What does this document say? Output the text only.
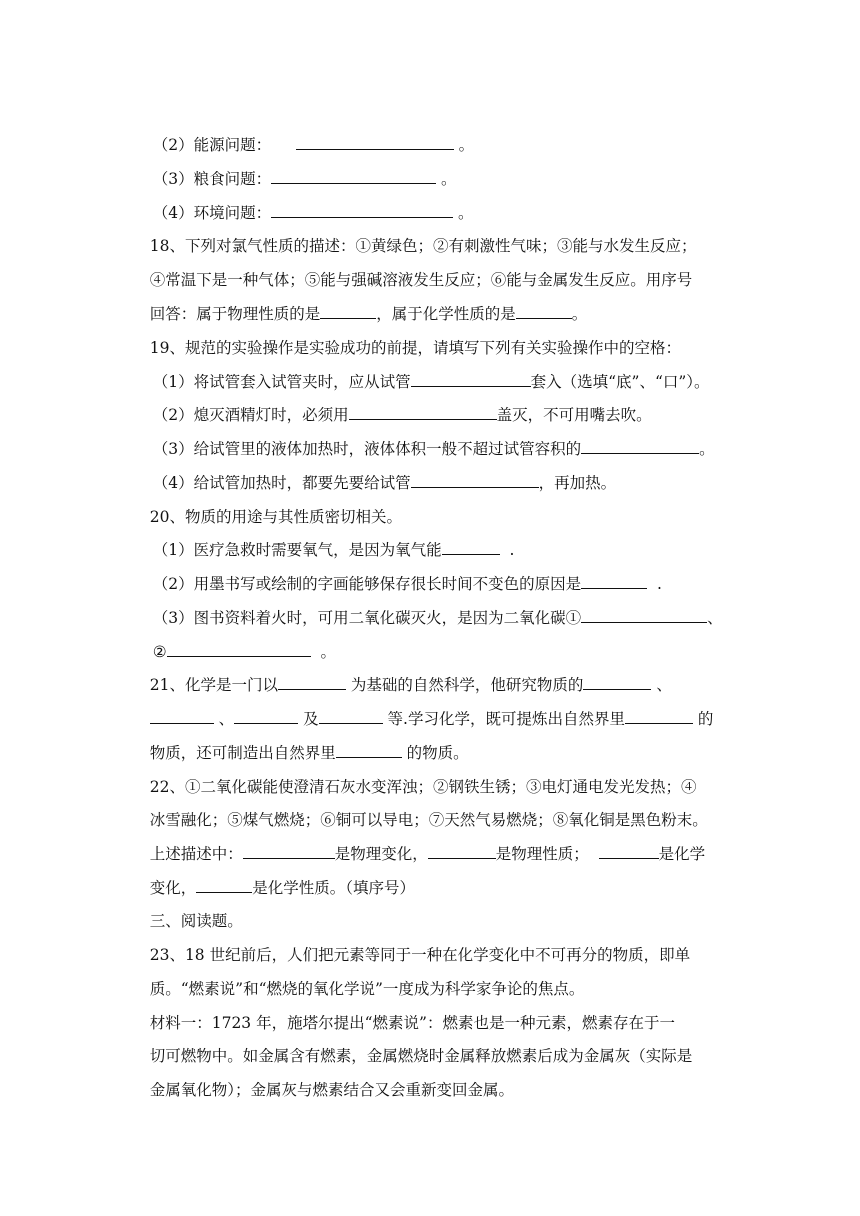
（2）能源问题：	。

（3）粮食问题：	。

（4）环境问题：	。

18、下列对氯气性质的描述：①黄绿色；②有刺激性气味；③能与水发生反应；

④常温下是一种气体；⑤能与强碱溶液发生反应；⑥能与金属发生反应。用序号

回答：属于物理性质的是	，属于化学性质的是	。

19、规范的实验操作是实验成功的前提，请填写下列有关实验操作中的空格：

（1）将试管套入试管夹时，应从试管	套入（选填“底”、“口”）。

（2）熄灭酒精灯时，必须用	盖灭，不可用嘴去吹。

（3）给试管里的液体加热时，液体体积一般不超过试管容积的	。

（4）给试管加热时，都要先要给试管	，再加热。

20、物质的用途与其性质密切相关。

（1）医疗急救时需要氧气，是因为氧气能	.

（2）用墨书写或绘制的字画能够保存很长时间不变色的原因是	.

（3）图书资料着火时，可用二氧化碳灭火，是因为二氧化碳①	、

②	。

21、化学是一门以	为基础的自然科学，他研究物质的	、

、	及	等.学习化学，既可提炼出自然界里	的

物质，还可制造出自然界里	的物质。

22、①二氧化碳能使澄清石灰水变浑浊；②钢铁生锈；③电灯通电发光发热；④

冰雪融化；⑤煤气燃烧；⑥铜可以导电；⑦天然气易燃烧；⑧氧化铜是黑色粉末。

上述描述中：	是物理变化，	是物理性质；	是化学

变化，	是化学性质。（填序号）

三、阅读题。

23、18 世纪前后，人们把元素等同于一种在化学变化中不可再分的物质，即单

质。“燃素说”和“燃烧的氧化学说”一度成为科学家争论的焦点。

材料一：1723 年，施塔尔提出“燃素说”：燃素也是一种元素，燃素存在于一

切可燃物中。如金属含有燃素，金属燃烧时金属释放燃素后成为金属灰（实际是

金属氧化物）；金属灰与燃素结合又会重新变回金属。
